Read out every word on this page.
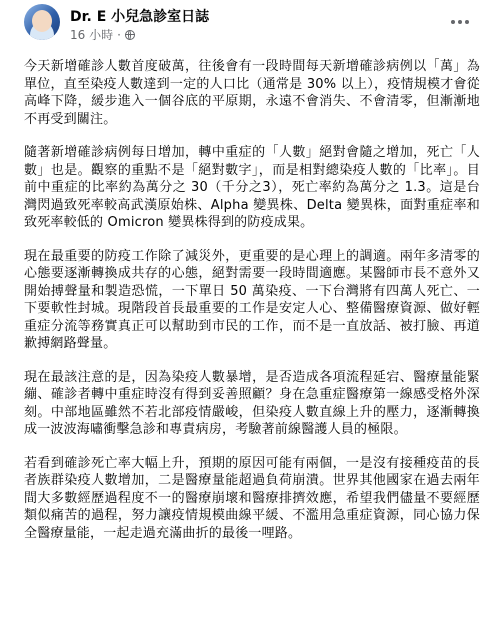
Dr. E 小兒急診室日誌
16 小時 ·

今天新增確診人數首度破萬，往後會有一段時間每天新增確診病例以「萬」為單位，直至染疫人數達到一定的人口比（通常是 30% 以上），疫情規模才會從高峰下降，緩步進入一個谷底的平原期，永遠不會消失、不會清零，但漸漸地不再受到關注。

隨著新增確診病例每日增加，轉中重症的「人數」絕對會隨之增加，死亡「人數」也是。觀察的重點不是「絕對數字」，而是相對總染疫人數的「比率」。目前中重症的比率約為萬分之 30（千分之3），死亡率約為萬分之 1.3。這是台灣閃過致死率較高武漢原始株、Alpha 變異株、Delta 變異株，面對重症率和致死率較低的 Omicron 變異株得到的防疫成果。

現在最重要的防疫工作除了減災外，更重要的是心理上的調適。兩年多清零的心態要逐漸轉換成共存的心態，絕對需要一段時間適應。某醫師市長不意外又開始搏聲量和製造恐慌，一下單日 50 萬染疫、一下台灣將有四萬人死亡、一下要軟性封城。現階段首長最重要的工作是安定人心、整備醫療資源、做好輕重症分流等務實真正可以幫助到市民的工作，而不是一直放話、被打臉、再道歉搏網路聲量。

現在最該注意的是，因為染疫人數暴增，是否造成各項流程延宕、醫療量能緊繃、確診者轉中重症時沒有得到妥善照顧？身在急重症醫療第一線感受格外深刻。中部地區雖然不若北部疫情嚴峻，但染疫人數直線上升的壓力，逐漸轉換成一波波海嘯衝擊急診和專責病房，考驗著前線醫護人員的極限。

若看到確診死亡率大幅上升，預期的原因可能有兩個，一是沒有接種疫苗的長者族群染疫人數增加，二是醫療量能超過負荷崩潰。世界其他國家在過去兩年間大多數經歷過程度不一的醫療崩壞和醫療排擠效應，希望我們儘量不要經歷類似痛苦的過程，努力讓疫情規模曲線平緩、不濫用急重症資源，同心協力保全醫療量能，一起走過充滿曲折的最後一哩路。
